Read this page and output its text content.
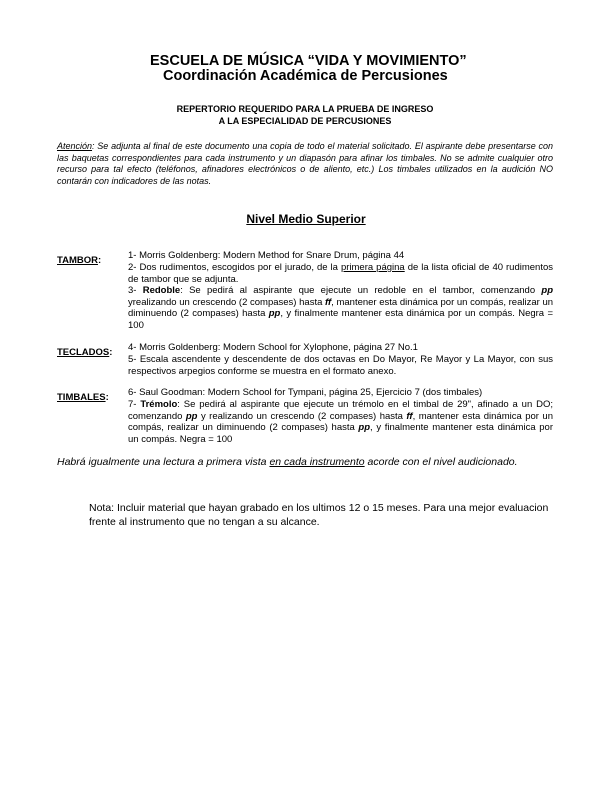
ESCUELA DE MÚSICA “VIDA Y MOVIMIENTO”
Coordinación Académica de Percusiones
REPERTORIO REQUERIDO PARA LA PRUEBA DE INGRESO
A LA ESPECIALIDAD DE PERCUSIONES
Atención: Se adjunta al final de este documento una copia de todo el material solicitado. El aspirante debe presentarse con las baquetas correspondientes para cada instrumento y un diapasón para afinar los timbales. No se admite cualquier otro recurso para tal efecto (teléfonos, afinadores electrónicos o de aliento, etc.) Los timbales utilizados en la audición NO contarán con indicadores de las notas.
Nivel Medio Superior
TAMBOR:	1- Morris Goldenberg: Modern Method for Snare Drum, página 44
2- Dos rudimentos, escogidos por el jurado, de la primera página de la lista oficial de 40 rudimentos de tambor que se adjunta.
3- Redoble: Se pedirá al aspirante que ejecute un redoble en el tambor, comenzando pp yrealizando un crescendo (2 compases) hasta ff, mantener esta dinámica por un compás, realizar un diminuendo (2 compases) hasta pp, y finalmente mantener esta dinámica por un compás. Negra = 100
TECLADOS: 4- Morris Goldenberg: Modern School for Xylophone, página 27 No.1
5- Escala ascendente y descendente de dos octavas en Do Mayor, Re Mayor y La Mayor, con sus respectivos arpegios conforme se muestra en el formato anexo.
TIMBALES: 6- Saul Goodman: Modern School for Tympani, página 25, Ejercicio 7 (dos timbales)
7- Trémolo: Se pedirá al aspirante que ejecute un trémolo en el timbal de 29", afinado a un DO; comenzando pp y realizando un crescendo (2 compases) hasta ff, mantener esta dinámica por un compás, realizar un diminuendo (2 compases) hasta pp, y finalmente mantener esta dinámica por un compás. Negra = 100
Habrá igualmente una lectura a primera vista en cada instrumento acorde con el nivel audicionado.
Nota: Incluir material que hayan grabado en los ultimos 12 o 15 meses. Para una mejor evaluacion
frente al instrumento que no tengan a su alcance.
